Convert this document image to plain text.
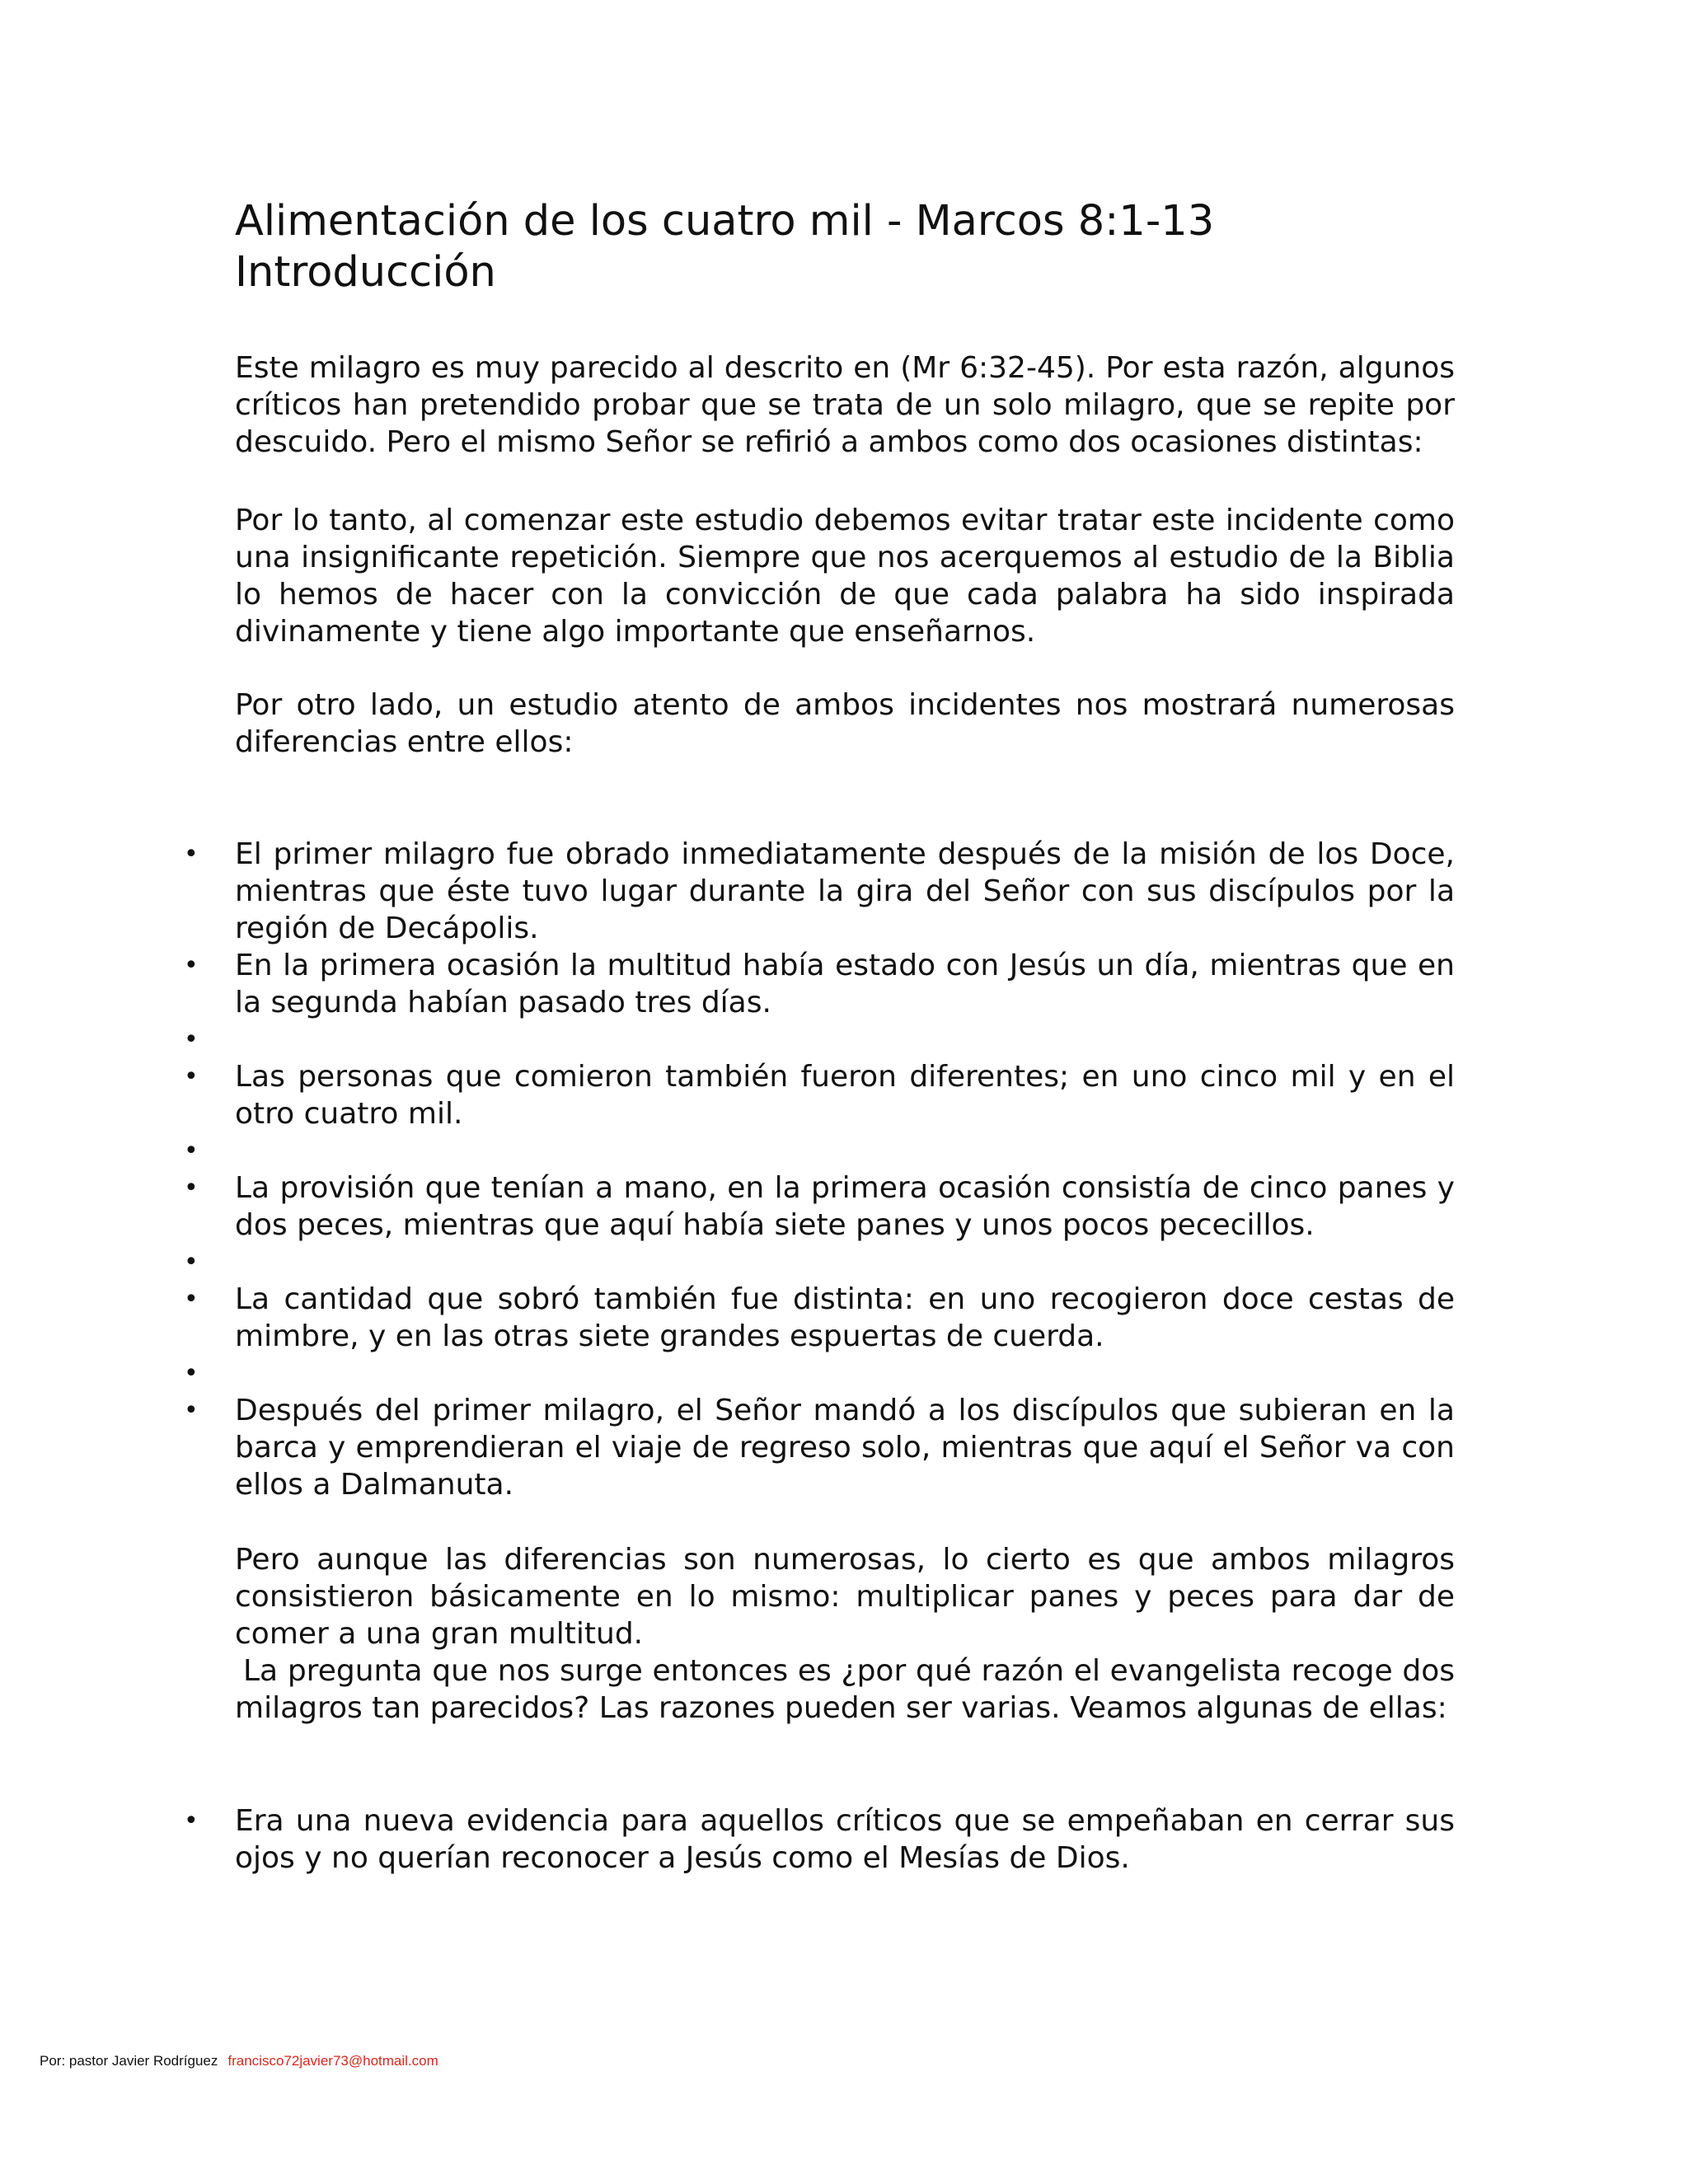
Alimentación de los cuatro mil - Marcos 8:1-13
Introducción

Este milagro es muy parecido al descrito en (Mr 6:32-45). Por esta razón, algunos críticos han pretendido probar que se trata de un solo milagro, que se repite por descuido. Pero el mismo Señor se refirió a ambos como dos ocasiones distintas:

Por lo tanto, al comenzar este estudio debemos evitar tratar este incidente como una insignificante repetición. Siempre que nos acerquemos al estudio de la Biblia lo hemos de hacer con la convicción de que cada palabra ha sido inspirada divinamente y tiene algo importante que enseñarnos.

Por otro lado, un estudio atento de ambos incidentes nos mostrará numerosas diferencias entre ellos:

• El primer milagro fue obrado inmediatamente después de la misión de los Doce, mientras que éste tuvo lugar durante la gira del Señor con sus discípulos por la región de Decápolis.
• En la primera ocasión la multitud había estado con Jesús un día, mientras que en la segunda habían pasado tres días.
•
• Las personas que comieron también fueron diferentes; en uno cinco mil y en el otro cuatro mil.
•
• La provisión que tenían a mano, en la primera ocasión consistía de cinco panes y dos peces, mientras que aquí había siete panes y unos pocos pececillos.
•
• La cantidad que sobró también fue distinta: en uno recogieron doce cestas de mimbre, y en las otras siete grandes espuertas de cuerda.
•
• Después del primer milagro, el Señor mandó a los discípulos que subieran en la barca y emprendieran el viaje de regreso solo, mientras que aquí el Señor va con ellos a Dalmanuta.

Pero aunque las diferencias son numerosas, lo cierto es que ambos milagros consistieron básicamente en lo mismo: multiplicar panes y peces para dar de comer a una gran multitud.

La pregunta que nos surge entonces es ¿por qué razón el evangelista recoge dos milagros tan parecidos? Las razones pueden ser varias. Veamos algunas de ellas:

• Era una nueva evidencia para aquellos críticos que se empeñaban en cerrar sus ojos y no querían reconocer a Jesús como el Mesías de Dios.
Por: pastor Javier Rodríguez francisco72javier73@hotmail.com
